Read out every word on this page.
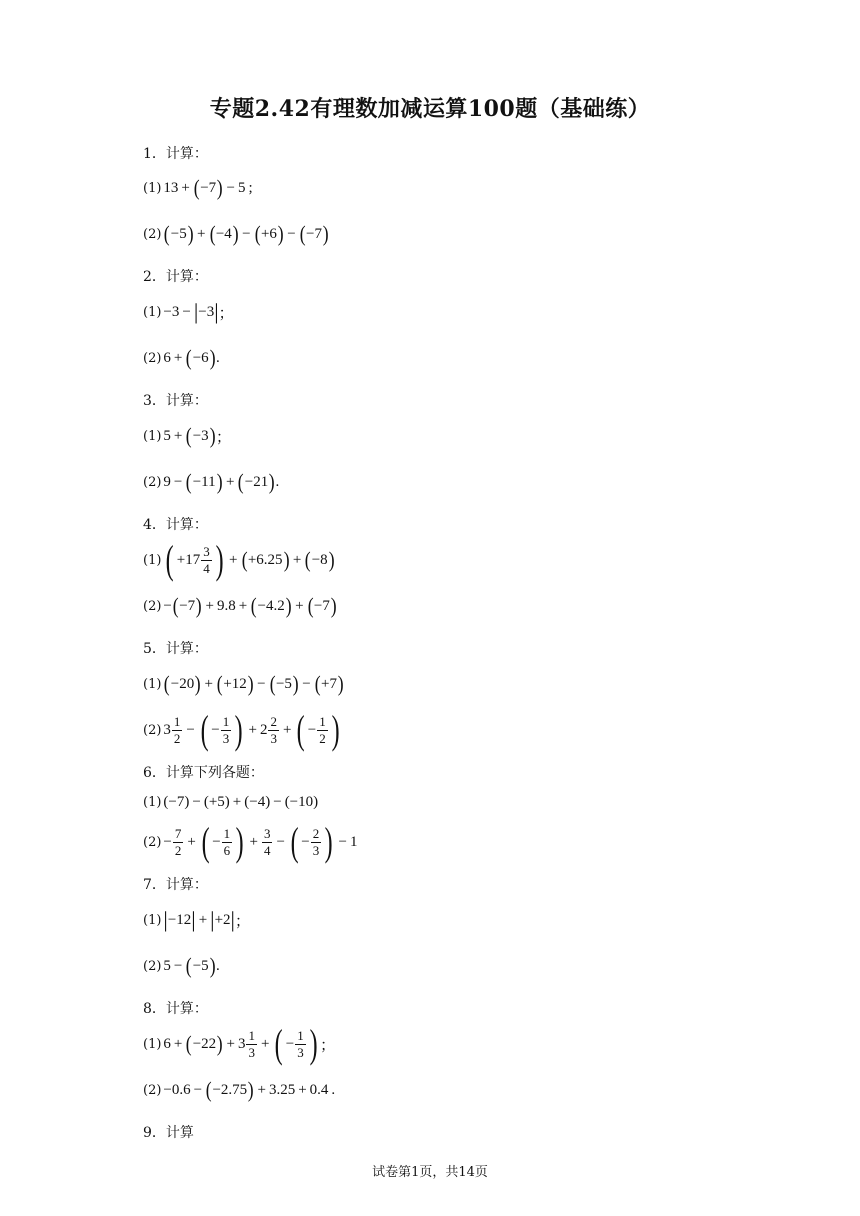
专题2.42有理数加减运算100题（基础练）
1．计算：
(1) 13 + ( −7 ) − 5 ;
(2) ( −5 ) + ( −4 ) − ( +6 ) − ( −7 )
2．计算：
(1) −3 − | −3 | ；
(2) 6 + ( −6 ) .
3．计算：
(1) 5 + ( −3 ) ；
(2) 9 − ( −11 ) + ( −21 ) .
4．计算：
(1) ( $+17 \frac{3}{4}$ ) + ( +6.25 ) + ( −8 )
(2) − ( −7 ) + 9.8 + ( −4.2 ) + ( −7 )
5．计算：
(1) ( −20 ) + ( +12 ) − ( −5 ) − ( +7 )
(2) $3 \frac{1}{2}$ − ( − $\frac{1}{3}$ ) + $2 \frac{2}{3}$ + ( − $\frac{1}{2}$ )
6．计算下列各题：
(1) (−7) − (+5) + (−4) − (−10)
$(2) - \frac{7}{2}$ + ( − $\frac{1}{6}$ ) + $\frac{3}{4}$ − ( − $\frac{2}{3}$ ) − 1
7．计算：
(1) | −12 | + | +2 | ；
(2) 5 − ( −5 ) .
8．计算：
(1) 6 + ( −22 ) + $3 \frac{1}{3}$ + ( − $\frac{1}{3}$ ) ；
(2) −0.6 − ( −2.75 ) + 3.25 + 0.4 .
9．计算
试卷第1页，共14页
